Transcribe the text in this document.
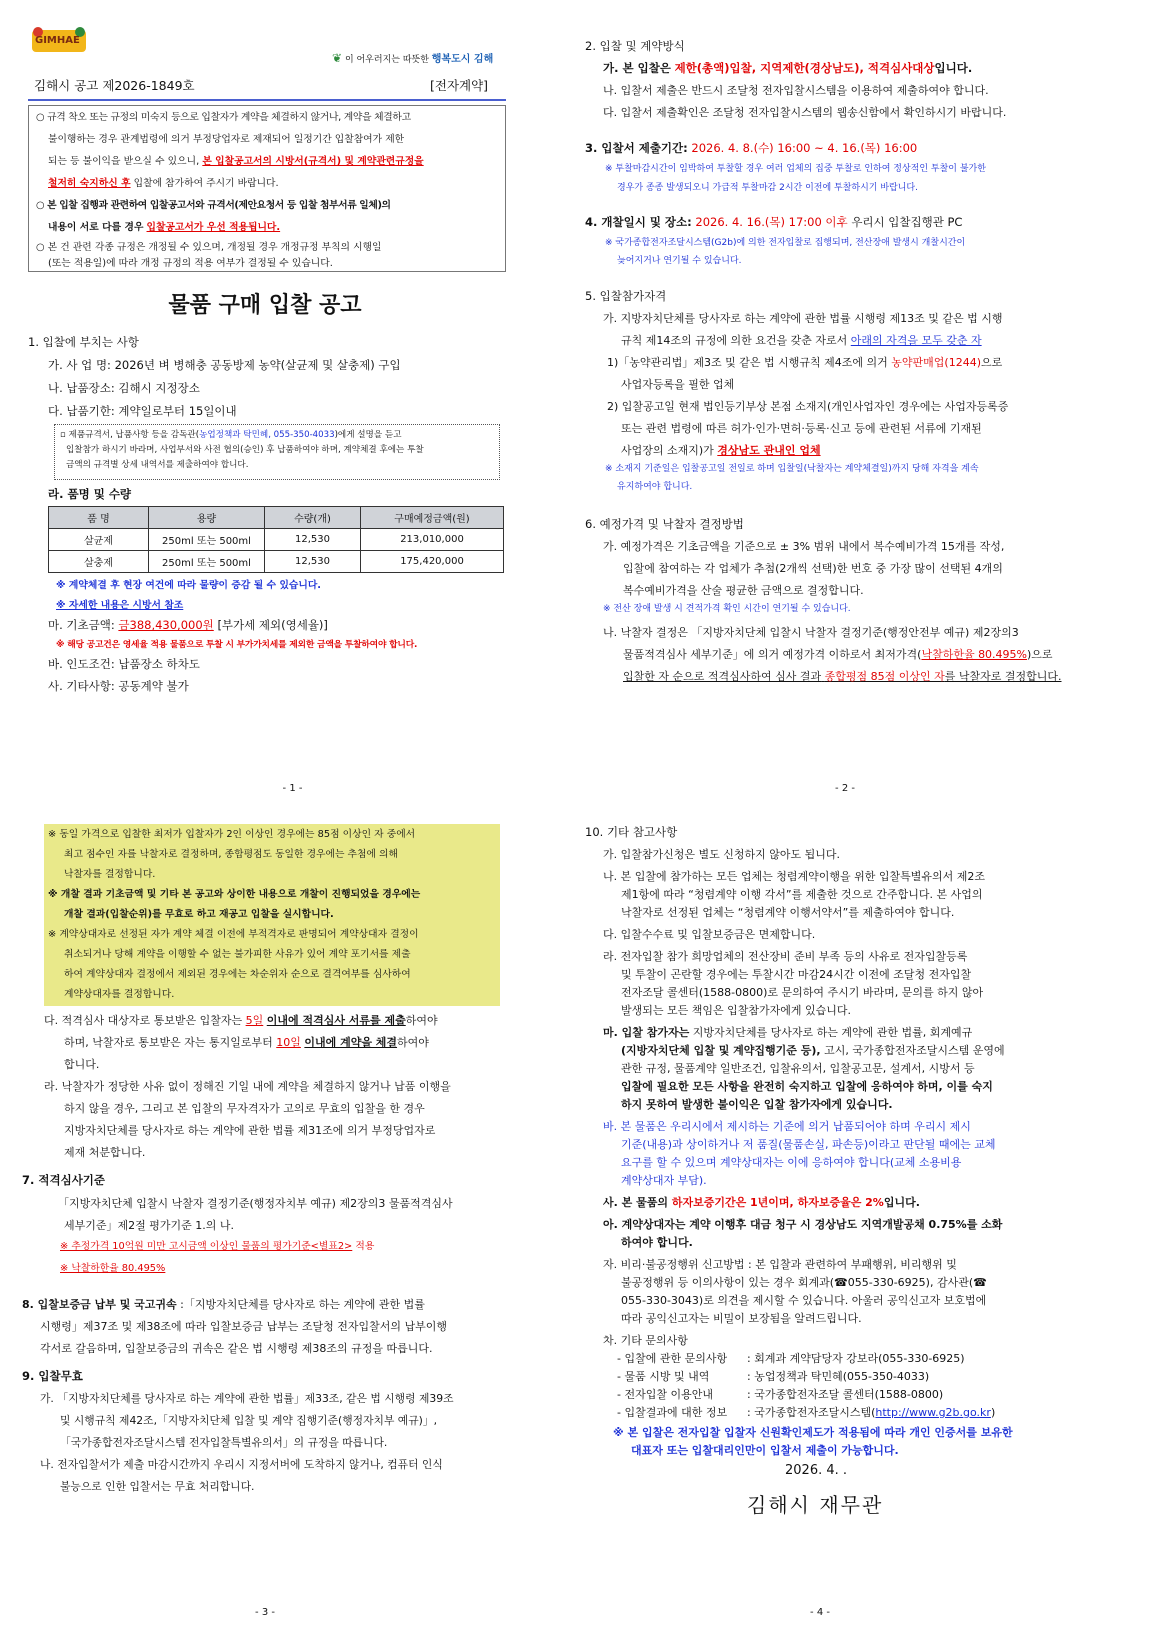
GIMHAE
❦ 이 어우러지는 따뜻한 행복도시 김해
김해시 공고 제2026-1849호	[전자계약]
○ 규격 착오 또는 규정의 미숙지 등으로 입찰자가 계약을 체결하지 않거나, 계약을 체결하고
불이행하는 경우 관계법령에 의거 부정당업자로 제재되어 일정기간 입찰참여가 제한
되는 등 불이익을 받으실 수 있으니, 본 입찰공고서의 시방서(규격서) 및 계약관련규정을
철저히 숙지하신 후 입찰에 참가하여 주시기 바랍니다.
○ 본 입찰 집행과 관련하여 입찰공고서와 규격서(제안요청서 등 입찰 첨부서류 일체)의
내용이 서로 다를 경우 입찰공고서가 우선 적용됩니다.
○ 본 건 관련 각종 규정은 개정될 수 있으며, 개정될 경우 개정규정 부칙의 시행일
(또는 적용일)에 따라 개정 규정의 적용 여부가 결정될 수 있습니다.
물품 구매 입찰 공고
1. 입찰에 부치는 사항
가. 사 업 명: 2026년 벼 병해충 공동방제 농약(살균제 및 살충제) 구입
나. 납품장소: 김해시 지정장소
다. 납품기한: 계약일로부터 15일이내
▫ 제품규격서, 납품사항 등을 감독관(농업정책과 탁민혜, 055-350-4033)에게 설명을 듣고
입찰참가 하시기 바라며, 사업부서와 사전 협의(승인) 후 납품하여야 하며, 계약체결 후에는 투찰
금액의 규격별 상세 내역서를 제출하여야 합니다.
라. 품명 및 수량
품 명	용량	수량(개)	구매예정금액(원)
살균제	250ml 또는 500ml	12,530	213,010,000
살충제	250ml 또는 500ml	12,530	175,420,000
※ 계약체결 후 현장 여건에 따라 물량이 증감 될 수 있습니다.
※ 자세한 내용은 시방서 참조
마. 기초금액: 금388,430,000원 [부가세 제외(영세율)]
※ 해당 공고건은 영세율 적용 물품으로 투찰 시 부가가치세를 제외한 금액을 투찰하여야 합니다.
바. 인도조건: 납품장소 하차도
사. 기타사항: 공동계약 불가
- 1 -
2. 입찰 및 계약방식
가. 본 입찰은 제한(총액)입찰, 지역제한(경상남도), 적격심사대상입니다.
나. 입찰서 제출은 반드시 조달청 전자입찰시스템을 이용하여 제출하여야 합니다.
다. 입찰서 제출확인은 조달청 전자입찰시스템의 웹송신함에서 확인하시기 바랍니다.
3. 입찰서 제출기간: 2026. 4. 8.(수) 16:00 ~ 4. 16.(목) 16:00
※ 투찰마감시간이 임박하여 투찰할 경우 여러 업체의 집중 투찰로 인하여 정상적인 투찰이 불가한
경우가 종종 발생되오니 가급적 투찰마감 2시간 이전에 투찰하시기 바랍니다.
4. 개찰일시 및 장소: 2026. 4. 16.(목) 17:00 이후 우리시 입찰집행관 PC
※ 국가종합전자조달시스템(G2b)에 의한 전자입찰로 집행되며, 전산장애 발생시 개찰시간이
늦어지거나 연기될 수 있습니다.
5. 입찰참가자격
가. 지방자치단체를 당사자로 하는 계약에 관한 법률 시행령 제13조 및 같은 법 시행
규칙 제14조의 규정에 의한 요건을 갖춘 자로서 아래의 자격을 모두 갖춘 자
1)「농약관리법」제3조 및 같은 법 시행규칙 제4조에 의거 농약판매업(1244)으로
사업자등록을 필한 업체
2) 입찰공고일 현재 법인등기부상 본점 소재지(개인사업자인 경우에는 사업자등록증
또는 관련 법령에 따른 허가·인가·면허·등록·신고 등에 관련된 서류에 기재된
사업장의 소재지)가 경상남도 관내인 업체
※ 소재지 기준일은 입찰공고일 전일로 하며 입찰일(낙찰자는 계약체결일)까지 당해 자격을 계속
유지하여야 합니다.
6. 예정가격 및 낙찰자 결정방법
가. 예정가격은 기초금액을 기준으로 ± 3% 범위 내에서 복수예비가격 15개를 작성,
입찰에 참여하는 각 업체가 추첨(2개씩 선택)한 번호 중 가장 많이 선택된 4개의
복수예비가격을 산술 평균한 금액으로 결정합니다.
※ 전산 장애 발생 시 견적가격 확인 시간이 연기될 수 있습니다.
나. 낙찰자 결정은 「지방자치단체 입찰시 낙찰자 결정기준(행정안전부 예규) 제2장의3
물품적격심사 세부기준」에 의거 예정가격 이하로서 최저가격(낙찰하한율 80.495%)으로
입찰한 자 순으로 적격심사하여 심사 결과 종합평점 85점 이상인 자를 낙찰자로 결정합니다.
- 2 -
※ 동일 가격으로 입찰한 최저가 입찰자가 2인 이상인 경우에는 85점 이상인 자 중에서
최고 점수인 자를 낙찰자로 결정하며, 종합평점도 동일한 경우에는 추첨에 의해
낙찰자를 결정합니다.
※ 개찰 결과 기초금액 및 기타 본 공고와 상이한 내용으로 개찰이 진행되었을 경우에는
개찰 결과(입찰순위)를 무효로 하고 재공고 입찰을 실시합니다.
※ 계약상대자로 선정된 자가 계약 체결 이전에 부적격자로 판명되어 계약상대자 결정이
취소되거나 당해 계약을 이행할 수 없는 불가피한 사유가 있어 계약 포기서를 제출
하여 계약상대자 결정에서 제외된 경우에는 차순위자 순으로 결격여부를 심사하여
계약상대자를 결정합니다.
다. 적격심사 대상자로 통보받은 입찰자는 5일 이내에 적격심사 서류를 제출하여야
하며, 낙찰자로 통보받은 자는 통지일로부터 10일 이내에 계약을 체결하여야
합니다.
라. 낙찰자가 정당한 사유 없이 정해진 기일 내에 계약을 체결하지 않거나 납품 이행을
하지 않을 경우, 그리고 본 입찰의 무자격자가 고의로 무효의 입찰을 한 경우
지방자치단체를 당사자로 하는 계약에 관한 법률 제31조에 의거 부정당업자로
제재 처분합니다.
7. 적격심사기준
「지방자치단체 입찰시 낙찰자 결정기준(행정자치부 예규) 제2장의3 물품적격심사
세부기준」제2절 평가기준 1.의 나.
※ 추정가격 10억원 미만 고시금액 이상인 물품의 평가기준<별표2> 적용
※ 낙찰하한율 80.495%
8. 입찰보증금 납부 및 국고귀속 :「지방자치단체를 당사자로 하는 계약에 관한 법률
시행령」제37조 및 제38조에 따라 입찰보증금 납부는 조달청 전자입찰서의 납부이행
각서로 갈음하며, 입찰보증금의 귀속은 같은 법 시행령 제38조의 규정을 따릅니다.
9. 입찰무효
가. 「지방자치단체를 당사자로 하는 계약에 관한 법률」제33조, 같은 법 시행령 제39조
및 시행규칙 제42조,「지방자치단체 입찰 및 계약 집행기준(행정자치부 예규)」,
「국가종합전자조달시스템 전자입찰특별유의서」의 규정을 따릅니다.
나. 전자입찰서가 제출 마감시간까지 우리시 지정서버에 도착하지 않거나, 컴퓨터 인식
불능으로 인한 입찰서는 무효 처리합니다.
- 3 -
10. 기타 참고사항
가. 입찰참가신청은 별도 신청하지 않아도 됩니다.
나. 본 입찰에 참가하는 모든 업체는 청렴계약이행을 위한 입찰특별유의서 제2조
제1항에 따라 “청렴계약 이행 각서”를 제출한 것으로 간주합니다. 본 사업의
낙찰자로 선정된 업체는 “청렴계약 이행서약서”를 제출하여야 합니다.
다. 입찰수수료 및 입찰보증금은 면제합니다.
라. 전자입찰 참가 희망업체의 전산장비 준비 부족 등의 사유로 전자입찰등록
및 투찰이 곤란할 경우에는 투찰시간 마감24시간 이전에 조달청 전자입찰
전자조달 콜센터(1588-0800)로 문의하여 주시기 바라며, 문의를 하지 않아
발생되는 모든 책임은 입찰참가자에게 있습니다.
마. 입찰 참가자는 지방자치단체를 당사자로 하는 계약에 관한 법률, 회계예규
(지방자치단체 입찰 및 계약집행기준 등), 고시, 국가종합전자조달시스템 운영에
관한 규정, 물품계약 일반조건, 입찰유의서, 입찰공고문, 설계서, 시방서 등
입찰에 필요한 모든 사항을 완전히 숙지하고 입찰에 응하여야 하며, 이를 숙지
하지 못하여 발생한 불이익은 입찰 참가자에게 있습니다.
바. 본 물품은 우리시에서 제시하는 기준에 의거 납품되어야 하며 우리시 제시
기준(내용)과 상이하거나 저 품질(물품손실, 파손등)이라고 판단될 때에는 교체
요구를 할 수 있으며 계약상대자는 이에 응하여야 합니다(교체 소용비용
계약상대자 부담).
사. 본 물품의 하자보증기간은 1년이며, 하자보증율은 2%입니다.
아. 계약상대자는 계약 이행후 대금 청구 시 경상남도 지역개발공채 0.75%를 소화
하여야 합니다.
자. 비리·불공정행위 신고방법 : 본 입찰과 관련하여 부패행위, 비리행위 및
불공정행위 등 이의사항이 있는 경우 회계과(☎055-330-6925), 감사관(☎
055-330-3043)로 의견을 제시할 수 있습니다. 아울러 공익신고자 보호법에
따라 공익신고자는 비밀이 보장됨을 알려드립니다.
차. 기타 문의사항
- 입찰에 관한 문의사항 : 회계과 계약담당자 강보라(055-330-6925)
- 물품 시방 및 내역	: 농업정책과 탁민혜(055-350-4033)
- 전자입찰 이용안내	: 국가종합전자조달 콜센터(1588-0800)
- 입찰결과에 대한 정보 : 국가종합전자조달시스템(http://www.g2b.go.kr)
※ 본 입찰은 전자입찰 입찰자 신원확인제도가 적용됨에 따라 개인 인증서를 보유한
대표자 또는 입찰대리인만이 입찰서 제출이 가능합니다.
2026. 4. .
김해시 재무관
- 4 -
